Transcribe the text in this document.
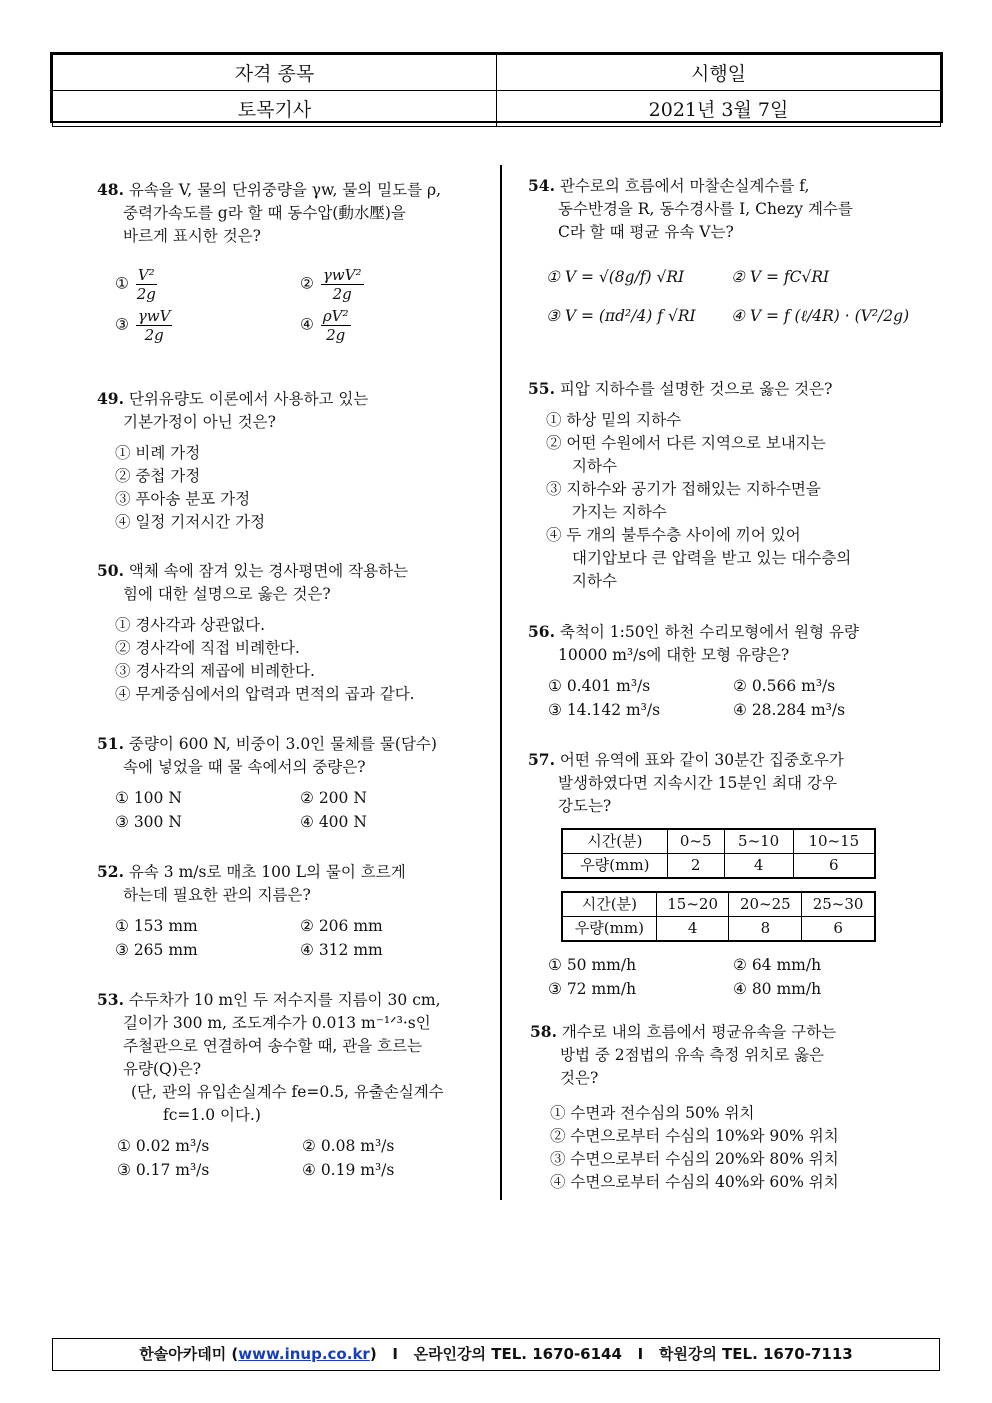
자격 종목	시행일
토목기사	2021년 3월 7일
48. 유속을 V, 물의 단위중량을 γw, 물의 밀도를 ρ,
중력가속도를 g라 할 때 동수압(動水壓)을
바르게 표시한 것은?
① $\frac{\text{V²}}{2g}$	② $\frac{\text{γwV²}}{2g}$
③ $\frac{\text{γwV}}{2g}$	④ $\frac{\text{ρV²}}{2g}$
49. 단위유량도 이론에서 사용하고 있는
기본가정이 아닌 것은?
① 비례 가정
② 중첩 가정
③ 푸아송 분포 가정
④ 일정 기저시간 가정
50. 액체 속에 잠겨 있는 경사평면에 작용하는
힘에 대한 설명으로 옳은 것은?
① 경사각과 상관없다.
② 경사각에 직접 비례한다.
③ 경사각의 제곱에 비례한다.
④ 무게중심에서의 압력과 면적의 곱과 같다.
51. 중량이 600 N, 비중이 3.0인 물체를 물(담수)
속에 넣었을 때 물 속에서의 중량은?
① 100 N	② 200 N
③ 300 N	④ 400 N
52. 유속 3 m/s로 매초 100 L의 물이 흐르게
하는데 필요한 관의 지름은?
① 153 mm	② 206 mm
③ 265 mm	④ 312 mm
53. 수두차가 10 m인 두 저수지를 지름이 30 cm,
길이가 300 m, 조도계수가 0.013 m⁻¹ᐟ³·s인
주철관으로 연결하여 송수할 때, 관을 흐르는
유량(Q)은?
(단, 관의 유입손실계수 fe=0.5, 유출손실계수
fc=1.0 이다.)
① 0.02 m³/s	② 0.08 m³/s
③ 0.17 m³/s	④ 0.19 m³/s
54. 관수로의 흐름에서 마찰손실계수를 f,
동수반경을 R, 동수경사를 I, Chezy 계수를
C라 할 때 평균 유속 V는?
① V = √(8g/f) √RI	② V = fC√RI
③ V = (πd²/4) f √RI	④ V = f (ℓ/4R) · (V²/2g)
55. 피압 지하수를 설명한 것으로 옳은 것은?
① 하상 밑의 지하수
② 어떤 수원에서 다른 지역으로 보내지는
지하수
③ 지하수와 공기가 접해있는 지하수면을
가지는 지하수
④ 두 개의 불투수층 사이에 끼어 있어
대기압보다 큰 압력을 받고 있는 대수층의
지하수
56. 축척이 1:50인 하천 수리모형에서 원형 유량
10000 m³/s에 대한 모형 유량은?
① 0.401 m³/s	② 0.566 m³/s
③ 14.142 m³/s	④ 28.284 m³/s
57. 어떤 유역에 표와 같이 30분간 집중호우가
발생하였다면 지속시간 15분인 최대 강우
강도는?
시간(분)	0~5	5~10	10~15
우량(mm)	2	4	6
시간(분)	15~20	20~25	25~30
우량(mm)	4	8	6
① 50 mm/h	② 64 mm/h
③ 72 mm/h	④ 80 mm/h
58. 개수로 내의 흐름에서 평균유속을 구하는
방법 중 2점법의 유속 측정 위치로 옳은
것은?
① 수면과 전수심의 50% 위치
② 수면으로부터 수심의 10%와 90% 위치
③ 수면으로부터 수심의 20%와 80% 위치
④ 수면으로부터 수심의 40%와 60% 위치
한솔아카데미 (www.inup.co.kr)   I   온라인강의 TEL. 1670-6144   I   학원강의 TEL. 1670-7113
